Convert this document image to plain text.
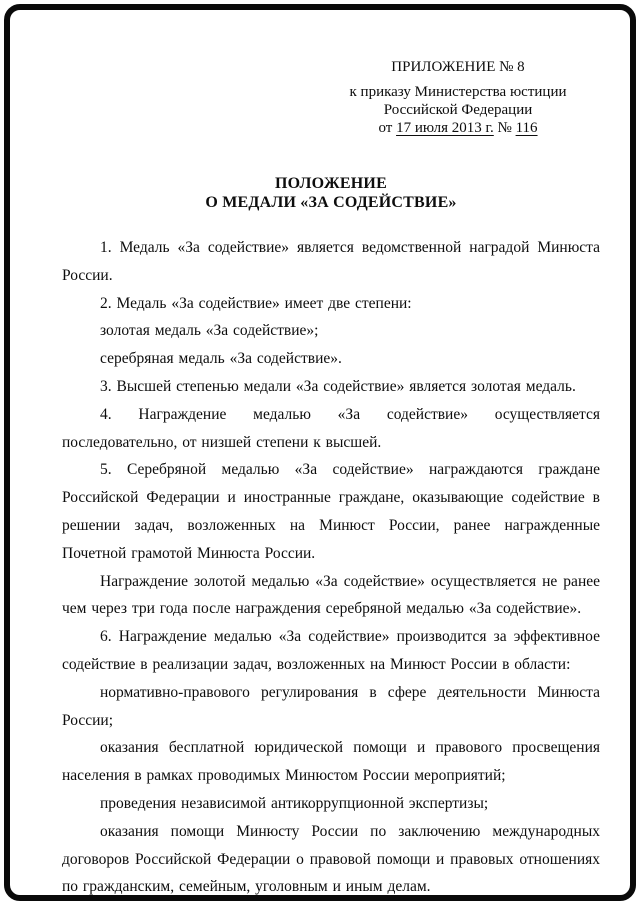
ПРИЛОЖЕНИЕ № 8
к приказу Министерства юстиции
Российской Федерации
от 17 июля 2013 г. № 116
ПОЛОЖЕНИЕ
О МЕДАЛИ «ЗА СОДЕЙСТВИЕ»

1. Медаль «За содействие» является ведомственной наградой Минюста России.

2. Медаль «За содействие» имеет две степени:

золотая медаль «За содействие»;

серебряная медаль «За содействие».

3. Высшей степенью медали «За содействие» является золотая медаль.

4. Награждение медалью «За содействие» осуществляется последовательно, от низшей степени к высшей.

5. Серебряной медалью «За содействие» награждаются граждане Российской Федерации и иностранные граждане, оказывающие содействие в решении задач, возложенных на Минюст России, ранее награжденные Почетной грамотой Минюста России.

Награждение золотой медалью «За содействие» осуществляется не ранее чем через три года после награждения серебряной медалью «За содействие».

6. Награждение медалью «За содействие» производится за эффективное содействие в реализации задач, возложенных на Минюст России в области:

нормативно-правового регулирования в сфере деятельности Минюста России;

оказания бесплатной юридической помощи и правового просвещения населения в рамках проводимых Минюстом России мероприятий;

проведения независимой антикоррупционной экспертизы;

оказания помощи Минюсту России по заключению международных договоров Российской Федерации о правовой помощи и правовых отношениях по гражданским, семейным, уголовным и иным делам.
